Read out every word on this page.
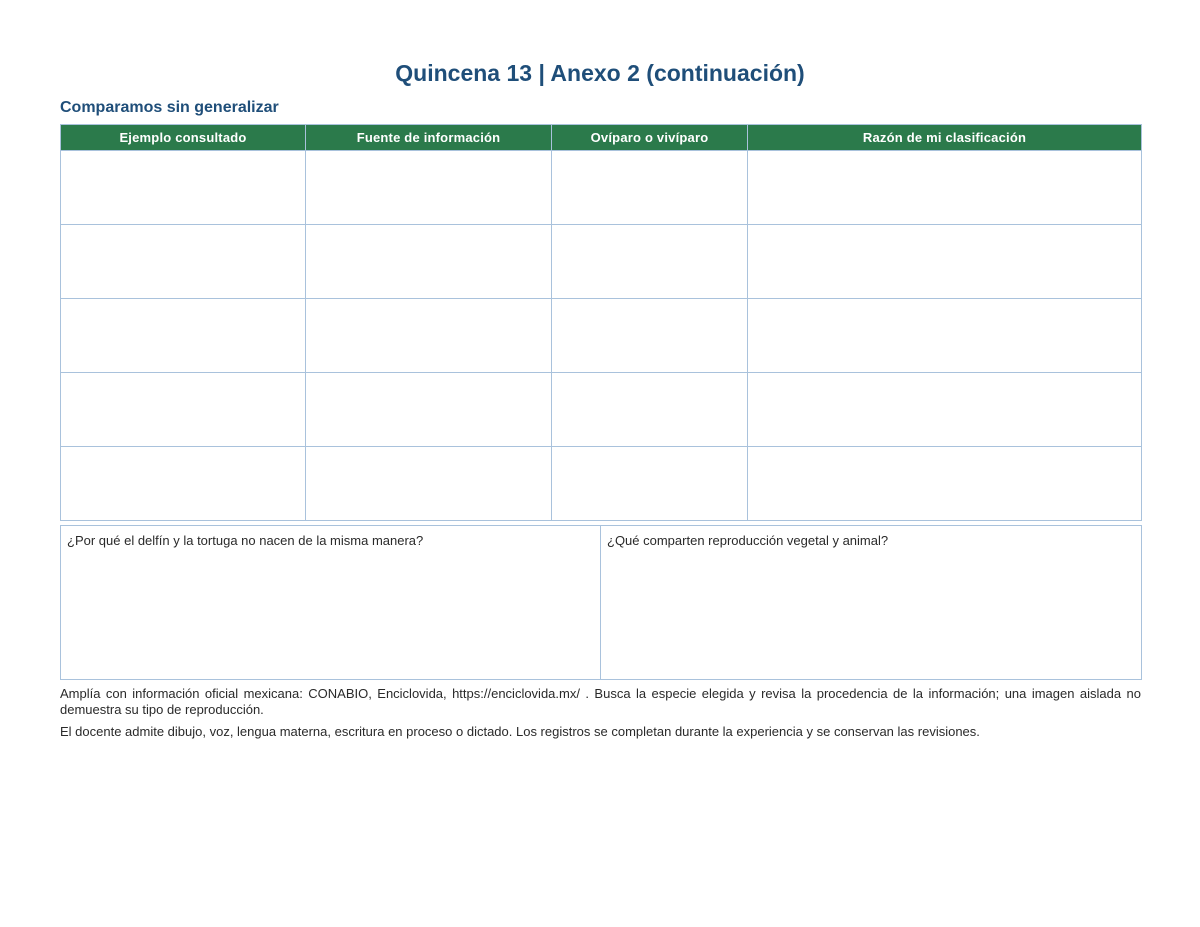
Quincena 13 | Anexo 2 (continuación)
Comparamos sin generalizar
Ejemplo consultado	Fuente de información	Ovíparo o vivíparo	Razón de mi clasificación

¿Por qué el delfín y la tortuga no nacen de la misma manera?	¿Qué comparten reproducción vegetal y animal?

Amplía con información oficial mexicana: CONABIO, Enciclovida, https://enciclovida.mx/ . Busca la especie elegida y revisa la procedencia de la información; una imagen aislada no demuestra su tipo de reproducción.

El docente admite dibujo, voz, lengua materna, escritura en proceso o dictado. Los registros se completan durante la experiencia y se conservan las revisiones.
